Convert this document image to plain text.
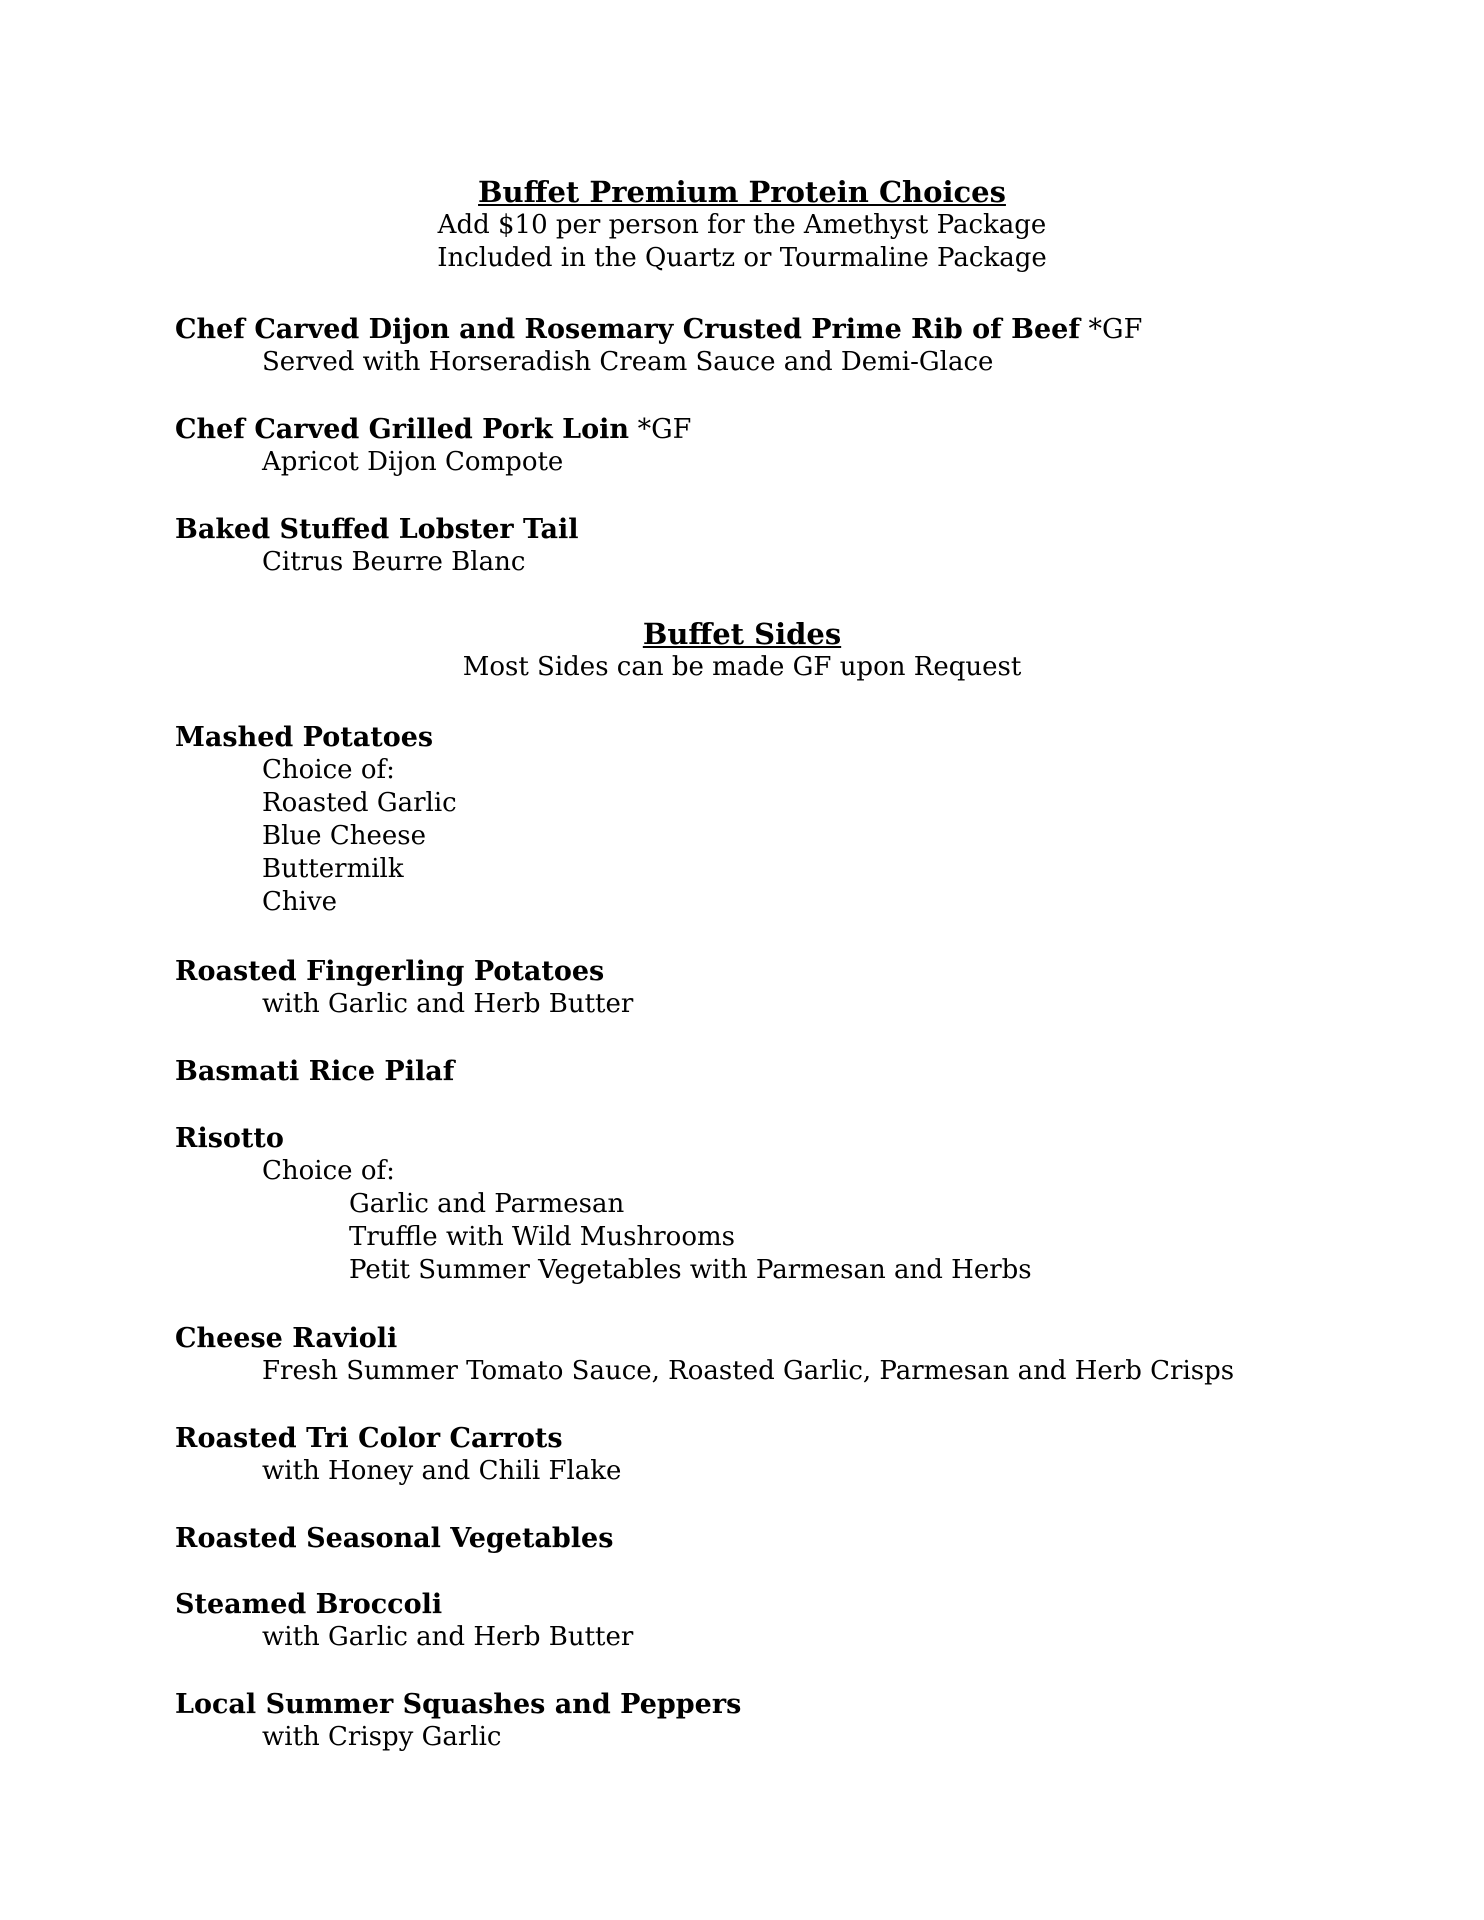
Buffet Premium Protein Choices
Add $10 per person for the Amethyst Package
Included in the Quartz or Tourmaline Package
Chef Carved Dijon and Rosemary Crusted Prime Rib of Beef *GF
Served with Horseradish Cream Sauce and Demi-Glace
Chef Carved Grilled Pork Loin *GF
Apricot Dijon Compote
Baked Stuffed Lobster Tail
Citrus Beurre Blanc
Buffet Sides
Most Sides can be made GF upon Request
Mashed Potatoes
Choice of:
Roasted Garlic
Blue Cheese
Buttermilk
Chive
Roasted Fingerling Potatoes
with Garlic and Herb Butter
Basmati Rice Pilaf
Risotto
Choice of:
Garlic and Parmesan
Truffle with Wild Mushrooms
Petit Summer Vegetables with Parmesan and Herbs
Cheese Ravioli
Fresh Summer Tomato Sauce, Roasted Garlic, Parmesan and Herb Crisps
Roasted Tri Color Carrots
with Honey and Chili Flake
Roasted Seasonal Vegetables
Steamed Broccoli
with Garlic and Herb Butter
Local Summer Squashes and Peppers
with Crispy Garlic
